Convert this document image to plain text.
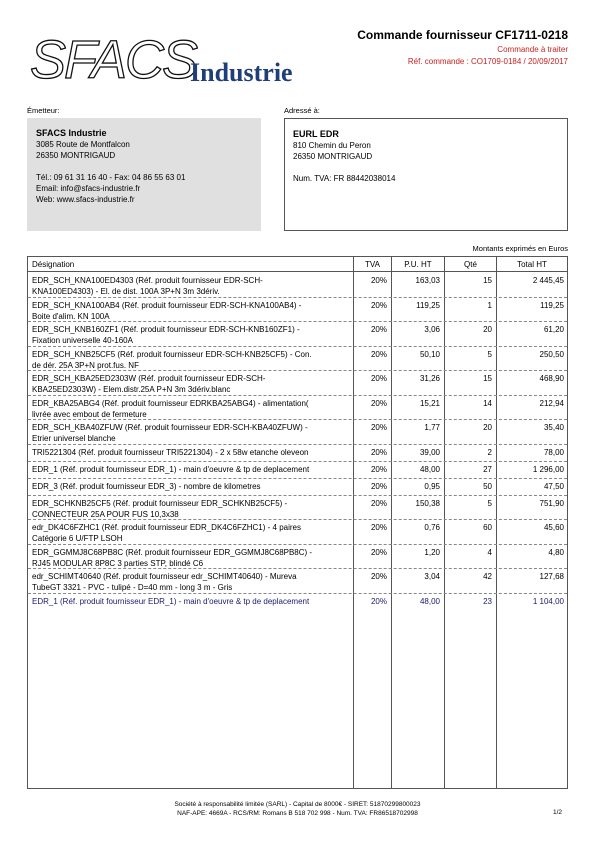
SFACS
Industrie
Commande fournisseur CF1711-0218
Commande à traiter
Réf. commande : CO1709-0184 / 20/09/2017
Émetteur:
SFACS Industrie
3085 Route de Montfalcon
26350 MONTRIGAUD
Tél.: 09 61 31 16 40 - Fax: 04 86 55 63 01
Email: info@sfacs-industrie.fr
Web: www.sfacs-industrie.fr
Adressé à:
EURL EDR
810 Chemin du Peron
26350 MONTRIGAUD
Num. TVA: FR 88442038014
Montants exprimés en Euros
Désignation	TVA	P.U. HT	Qté	Total HT
EDR_SCH_KNA100ED4303 (Réf. produit fournisseur EDR-SCH-
KNA100ED4303) - El. de dist. 100A 3P+N 3m 3dériv.
20%	163,03	15	2 445,45
EDR_SCH_KNA100AB4 (Réf. produit fournisseur EDR-SCH-KNA100AB4) -
Boite d'alim. KN 100A
20%	119,25	1	119,25
EDR_SCH_KNB160ZF1 (Réf. produit fournisseur EDR-SCH-KNB160ZF1) -
Fixation universelle 40-160A
20%	3,06	20	61,20
EDR_SCH_KNB25CF5 (Réf. produit fournisseur EDR-SCH-KNB25CF5) - Con.
de dér. 25A 3P+N prot.fus. NF
20%	50,10	5	250,50
EDR_SCH_KBA25ED2303W (Réf. produit fournisseur EDR-SCH-
KBA25ED2303W) - Elem.distr.25A P+N 3m 3dériv.blanc
20%	31,26	15	468,90
EDR_KBA25ABG4 (Réf. produit fournisseur EDRKBA25ABG4) - alimentation(
livrée avec embout de fermeture
20%	15,21	14	212,94
EDR_SCH_KBA40ZFUW (Réf. produit fournisseur EDR-SCH-KBA40ZFUW) -
Etrier universel blanche
20%	1,77	20	35,40
TRI5221304 (Réf. produit fournisseur TRI5221304) - 2 x 58w etanche oleveon	20%	39,00	2	78,00
EDR_1 (Réf. produit fournisseur EDR_1) - main d'oeuvre & tp de deplacement	20%	48,00	27	1 296,00
EDR_3 (Réf. produit fournisseur EDR_3) - nombre de kilometres	20%	0,95	50	47,50
EDR_SCHKNB25CF5 (Réf. produit fournisseur EDR_SCHKNB25CF5) -
CONNECTEUR 25A POUR FUS 10,3x38
20%	150,38	5	751,90
edr_DK4C6FZHC1 (Réf. produit fournisseur EDR_DK4C6FZHC1) - 4 paires
Catégorie 6 U/FTP LSOH
20%	0,76	60	45,60
EDR_GGMMJ8C68PB8C (Réf. produit fournisseur EDR_GGMMJ8C68PB8C) -
RJ45 MODULAR 8P8C 3 parties STP, blindé C6
20%	1,20	4	4,80
edr_SCHIMT40640 (Réf. produit fournisseur edr_SCHIMT40640) - Mureva
TubeGT 3321 - PVC - tulipé - D=40 mm - long 3 m - Gris
20%	3,04	42	127,68
EDR_1 (Réf. produit fournisseur EDR_1) - main d'oeuvre & tp de deplacement	20%	48,00	23	1 104,00
Société à responsabilité limitée (SARL) - Capital de 8000€ - SIRET: 51870299800023
NAF-APE: 4669A - RCS/RM: Romans B 518 702 998 - Num. TVA: FR86518702998	1/2
